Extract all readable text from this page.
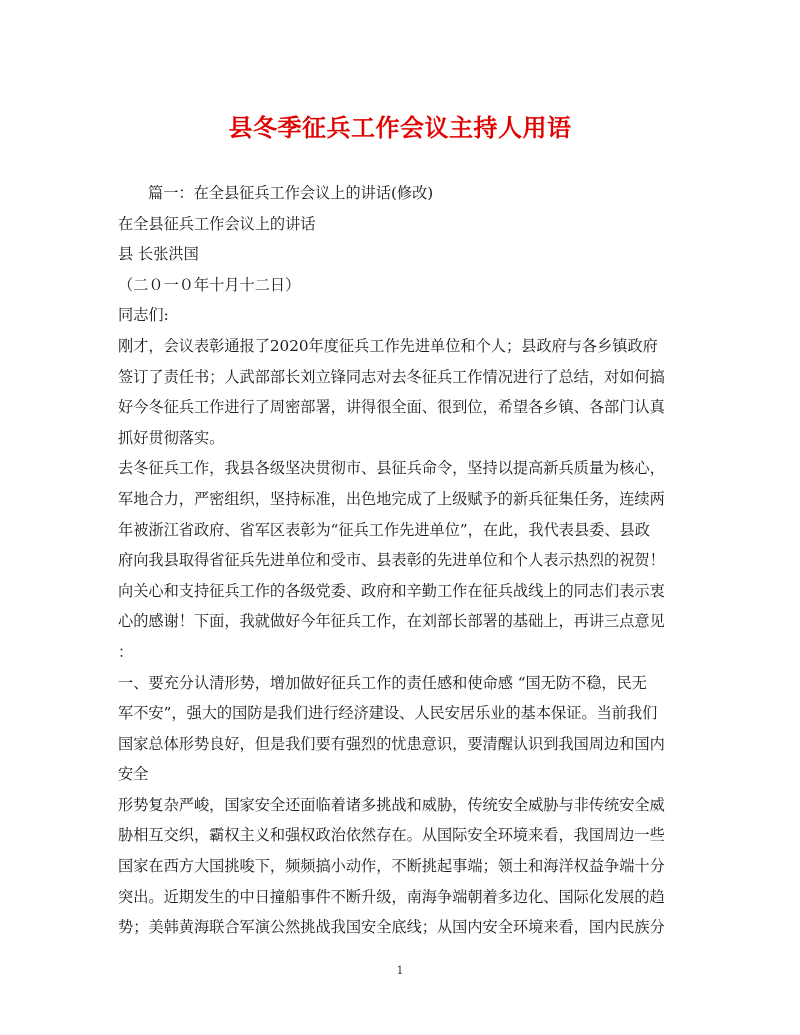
县冬季征兵工作会议主持人用语
篇一：在全县征兵工作会议上的讲话(修改)
在全县征兵工作会议上的讲话
县 长张洪国
（二０一０年十月十二日）
同志们:
刚才，会议表彰通报了2020年度征兵工作先进单位和个人；县政府与各乡镇政府
签订了责任书；人武部部长刘立锋同志对去冬征兵工作情况进行了总结，对如何搞
好今冬征兵工作进行了周密部署，讲得很全面、很到位，希望各乡镇、各部门认真
抓好贯彻落实。
去冬征兵工作，我县各级坚决贯彻市、县征兵命令，坚持以提高新兵质量为核心，
军地合力，严密组织，坚持标准，出色地完成了上级赋予的新兵征集任务，连续两
年被浙江省政府、省军区表彰为“征兵工作先进单位”，在此，我代表县委、县政
府向我县取得省征兵先进单位和受市、县表彰的先进单位和个人表示热烈的祝贺！
向关心和支持征兵工作的各级党委、政府和辛勤工作在征兵战线上的同志们表示衷
心的感谢！下面，我就做好今年征兵工作，在刘部长部署的基础上，再讲三点意见
：
一、要充分认清形势，增加做好征兵工作的责任感和使命感 “国无防不稳，民无
军不安”，强大的国防是我们进行经济建设、人民安居乐业的基本保证。当前我们
国家总体形势良好，但是我们要有强烈的忧患意识，要清醒认识到我国周边和国内
安全
形势复杂严峻，国家安全还面临着诸多挑战和威胁，传统安全威胁与非传统安全威
胁相互交织，霸权主义和强权政治依然存在。从国际安全环境来看，我国周边一些
国家在西方大国挑唆下，频频搞小动作，不断挑起事端；领土和海洋权益争端十分
突出。近期发生的中日撞船事件不断升级，南海争端朝着多边化、国际化发展的趋
势；美韩黄海联合军演公然挑战我国安全底线；从国内安全环境来看，国内民族分
1
